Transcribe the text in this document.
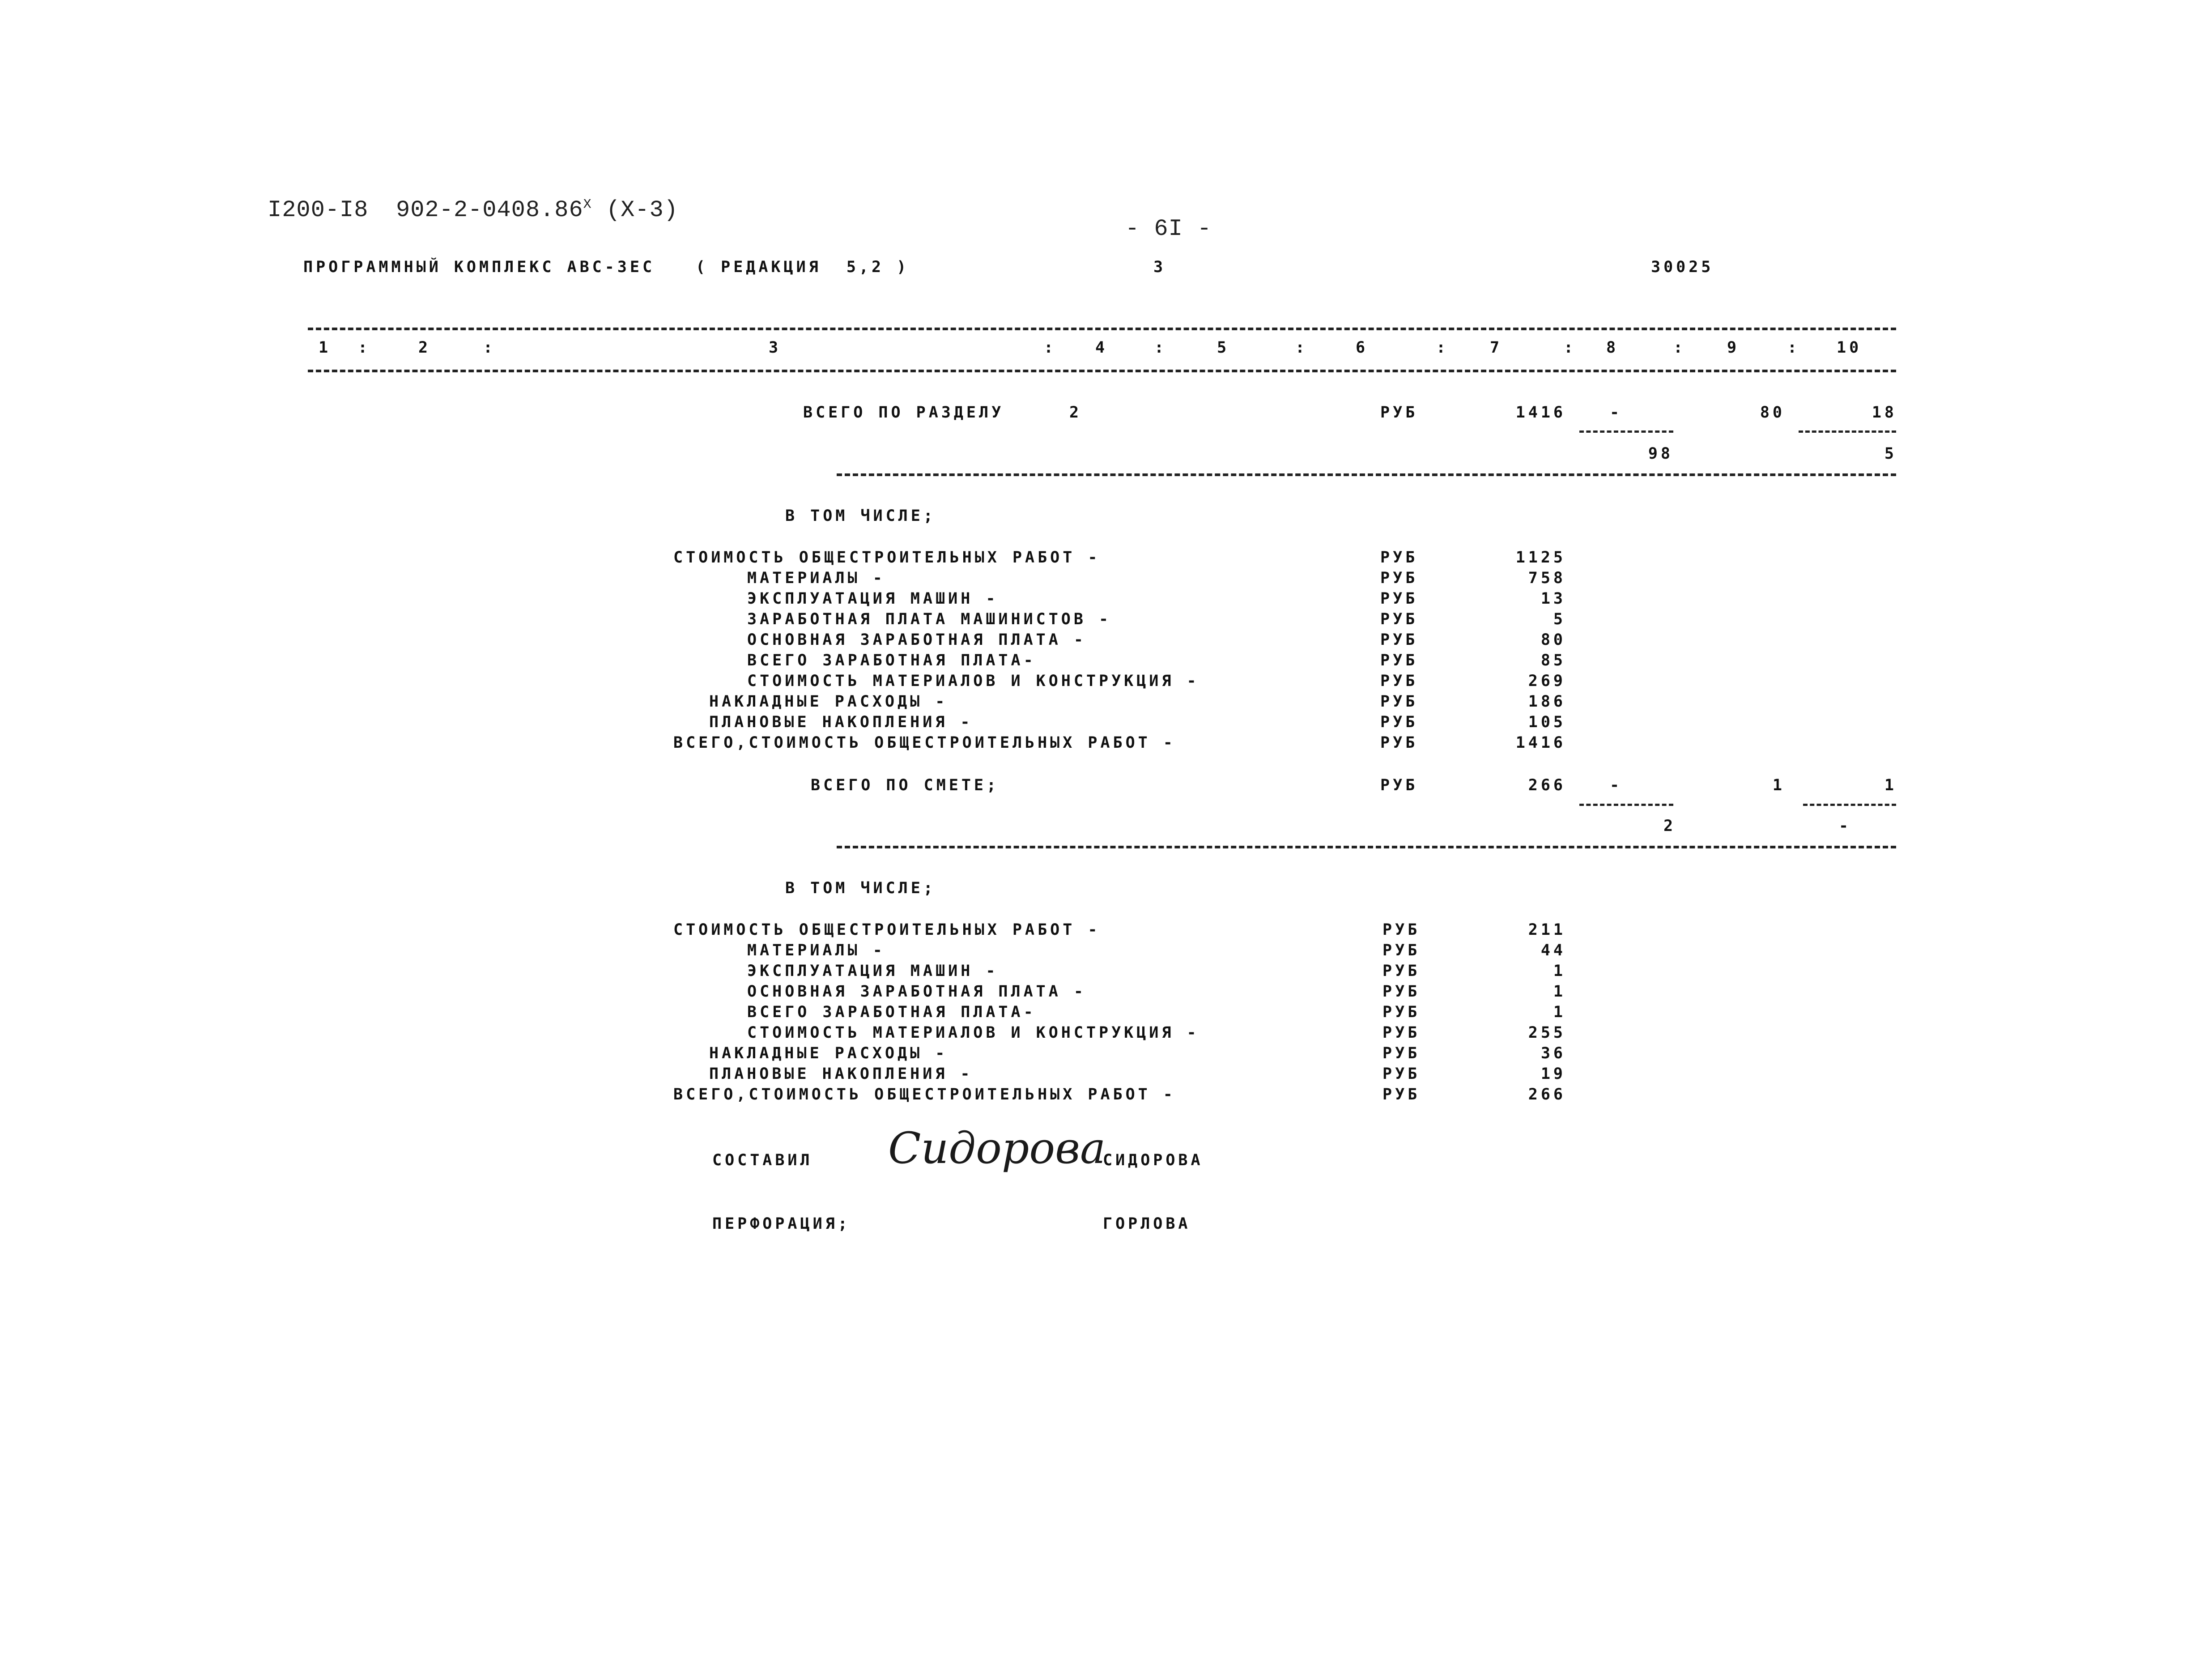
I200-I8 $902-2-0408.86^X$ (X-3)
- 6I -
ПРОГРАММНЫЙ КОМПЛЕКС АВС-ЗЕС	( РЕДАКЦИЯ  5,2 )	3	30025
1 :	2	:	3	: 4	:	5	:	6	:	7	: 8	:	9	: 10
ВСЕГО ПО РАЗДЕЛУ	2	РУБ	1416	-	80	18
98	5
В ТОМ ЧИСЛЕ;
СТОИМОСТЬ ОБЩЕСТРОИТЕЛЬНЫХ РАБОТ -	РУБ	1125
МАТЕРИАЛЫ -	РУБ	758
ЭКСПЛУАТАЦИЯ МАШИН -	РУБ	13
ЗАРАБОТНАЯ ПЛАТА МАШИНИСТОВ -	РУБ	5
ОСНОВНАЯ ЗАРАБОТНАЯ ПЛАТА -	РУБ	80
ВСЕГО ЗАРАБОТНАЯ ПЛАТА-	РУБ	85
СТОИМОСТЬ МАТЕРИАЛОВ И КОНСТРУКЦИЯ -	РУБ	269
НАКЛАДНЫЕ РАСХОДЫ -	РУБ	186
ПЛАНОВЫЕ НАКОПЛЕНИЯ -	РУБ	105
ВСЕГО,СТОИМОСТЬ ОБЩЕСТРОИТЕЛЬНЫХ РАБОТ -	РУБ	1416
ВСЕГО ПО СМЕТЕ;	РУБ	266	-	1	1
2	-
В ТОМ ЧИСЛЕ;
СТОИМОСТЬ ОБЩЕСТРОИТЕЛЬНЫХ РАБОТ -	РУБ	211
МАТЕРИАЛЫ -	РУБ	44
ЭКСПЛУАТАЦИЯ МАШИН -	РУБ	1
ОСНОВНАЯ ЗАРАБОТНАЯ ПЛАТА -	РУБ	1
ВСЕГО ЗАРАБОТНАЯ ПЛАТА-	РУБ	1
СТОИМОСТЬ МАТЕРИАЛОВ И КОНСТРУКЦИЯ -	РУБ	255
НАКЛАДНЫЕ РАСХОДЫ -	РУБ	36
ПЛАНОВЫЕ НАКОПЛЕНИЯ -	РУБ	19
ВСЕГО,СТОИМОСТЬ ОБЩЕСТРОИТЕЛЬНЫХ РАБОТ -	РУБ	266
СОСТАВИЛ Сидорова
СИДОРОВА
ПЕРФОРАЦИЯ;	ГОРЛОВА
